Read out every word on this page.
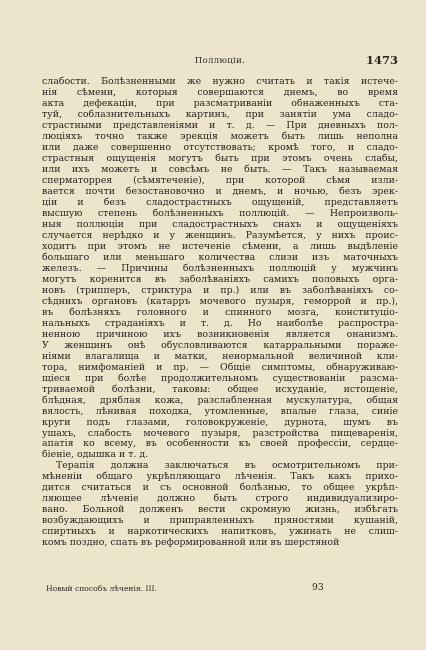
Поллюціи.	1473

слабости. Болѣзненными же нужно считать и такія истече-

нія сѣмени, которыя совершаются днемъ, во время

акта дефекаціи, при разсматриваніи обнаженныхъ ста-

туй, соблазнительныхъ картинъ, при занятіи ума сладо-

страстными представленіями и т. д. — При дневныхъ пол-

люціяхъ точно также эрекція можетъ быть лишь неполна

или даже совершенно отсутствовать; кромѣ того, и сладо-

страстныя ощущенія могутъ быть при этомъ очень слабы,

или ихъ можетъ и совсѣмъ не быть. — Такъ называемая

сперматоррея (сѣмятеченіе), при которой сѣмя изли-

вается почти безостановочно и днемъ, и ночью, безъ эрек-

ціи и безъ сладострастныхъ ощущеній, представляетъ

высшую степень болѣзненныхъ поллюцій. — Непроизволь-

ныя поллюціи при сладострастныхъ снахъ и ощущеніяхъ

случается нерѣдко и у женщинъ. Разумѣется, у нихъ проис-

ходитъ при этомъ не истеченіе сѣмени, а лишь выдѣленіе

большаго или меньшаго количества слизи изъ маточныхъ

железъ. — Причины болѣзненныхъ поллюцій у мужчинъ

могутъ коренится въ заболѣваніяхъ самихъ половыхъ орга-

новъ (трипперъ, стриктура и пр.) или въ заболѣваніяхъ со-

сѣднихъ органовъ (катарръ мочевого пузыря, геморрой и пр.),

въ болѣзняхъ головного и спинного мозга, конституціо-

нальныхъ страданіяхъ и т. д. Но наиболѣе распростра-

ненною причиною ихъ возникновенія является онанизмъ.

У женщинъ онѣ обусловливаются катарральными пораже-

ніями влагалища и матки, ненормальной величиной кли-

тора, нимфоманіей и пр. — Общіе симптомы, обнаруживаю-

щіеся при болѣе продолжительномъ существованіи разсма-

триваемой болѣзни, таковы: общее исхуданіе, истощеніе,

блѣдная, дряблая кожа, разслабленная мускулатура, общая

вялость, лѣнивая походка, утомленные, впалые глаза, синіе

круги подъ глазами, головокруженіе, дурнота, шумъ въ

ушахъ, слабость мочевого пузыря, разстройства пищеваренія,

апатія ко всему, въ особенности къ своей профессіи, сердце-

біеніе, одышка и т. д.

Терапія должна заключаться въ осмотрительномъ при-

мѣненіи общаго укрѣпляющаго лѣченія. Такъ какъ прихо-

дится считаться и съ основной болѣзнью, то общее укрѣп-

ляющее лѣченіе должно быть строго индивидуализиро-

вано. Больной долженъ вести скромную жизнь, избѣгать

возбуждающихъ и приправленныхъ пряностями кушаній,

спиртныхъ и наркотическихъ напитковъ, ужинать не слиш-

комъ поздно, спать въ реформированной или въ шерстяной

Новый способъ лѣченія. III.	93
